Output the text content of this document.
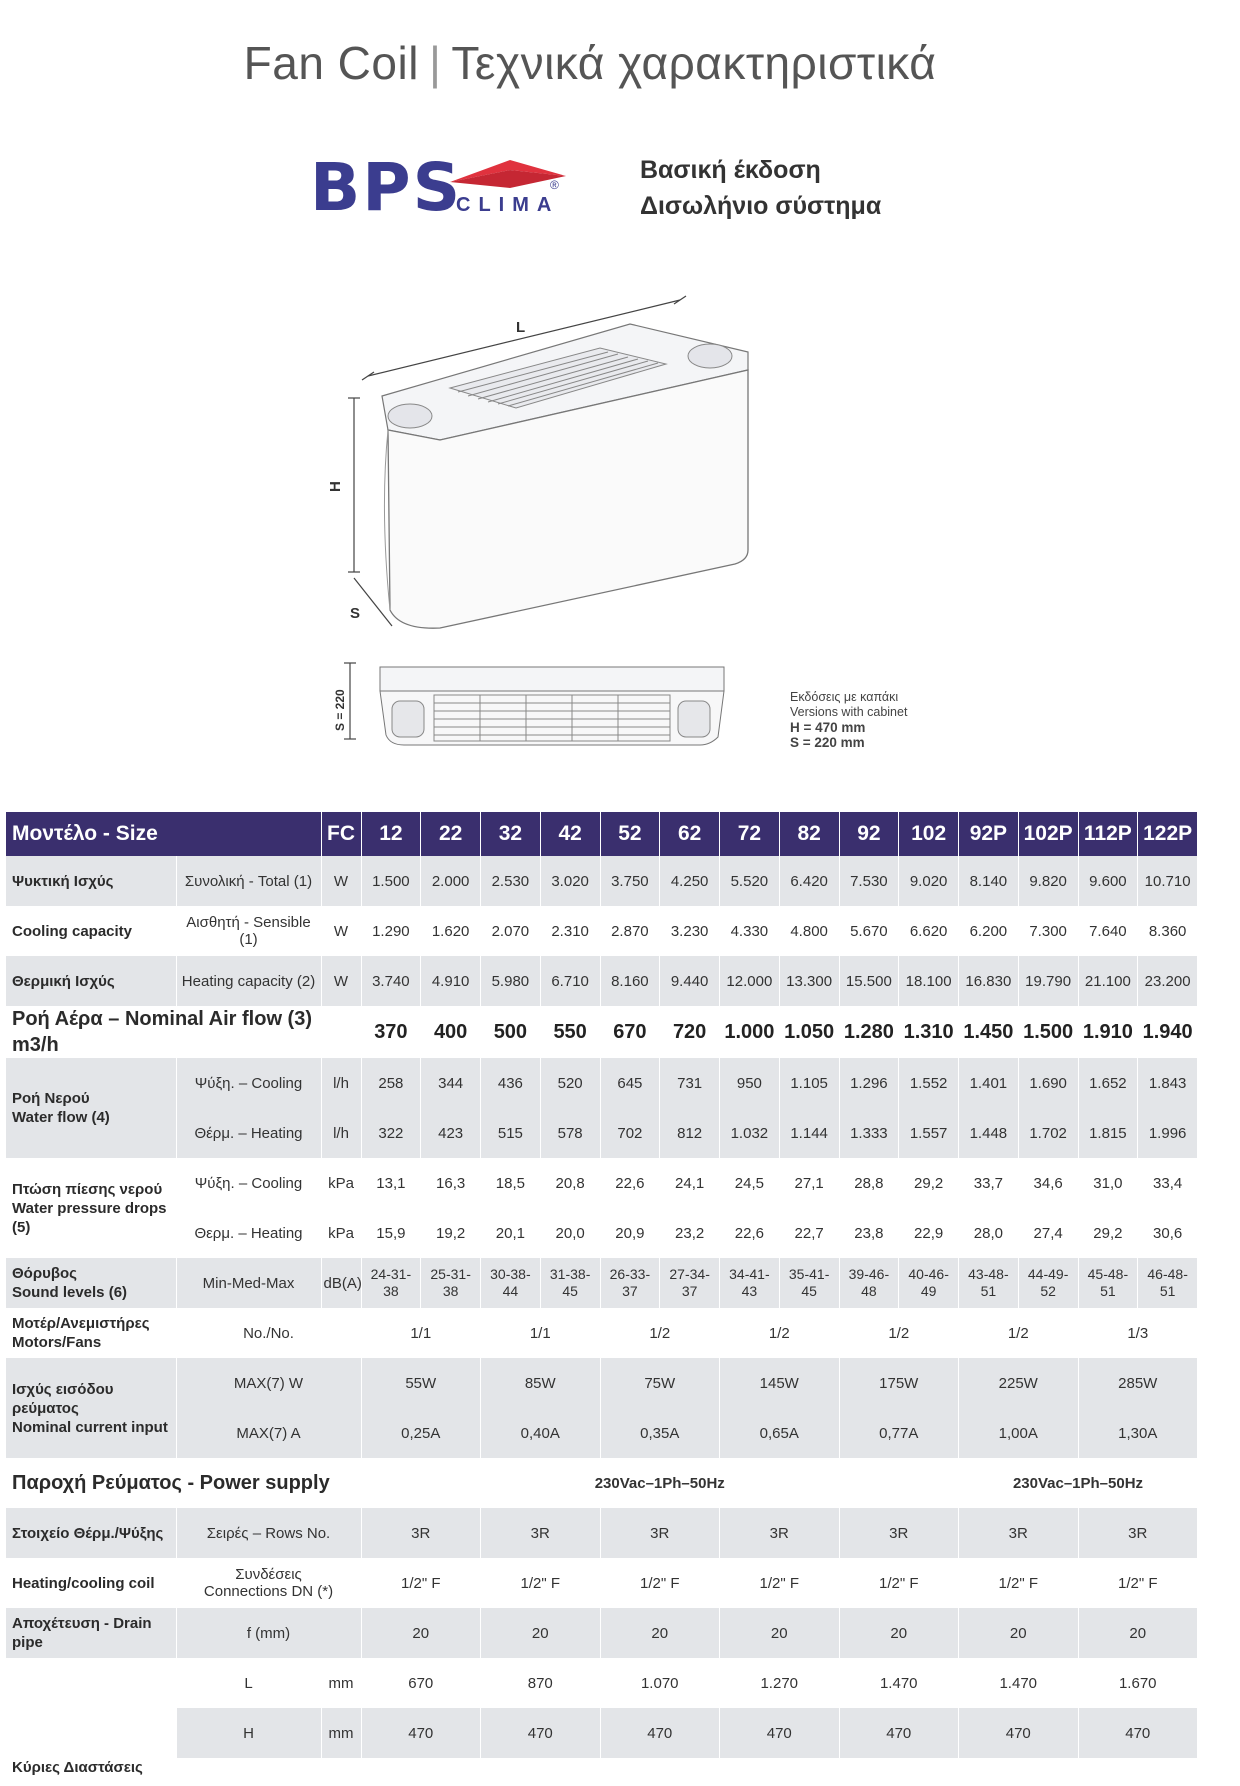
Fan Coil | Τεχνικά χαρακτηριστικά
BPS
CLIMA
®
Βασική έκδοση
Δισωλήνιο σύστημα
L
H
S
S = 220	Εκδόσεις με καπάκι
Versions with cabinet
H = 470 mm
S = 220 mm
Μοντέλο - Size		FC	12	22	32	42	52	62	72	82	92	102	92P	102P	112P	122P
Ψυκτική Ισχύς	Συνολική - Total (1)	W	1.500	2.000	2.530	3.020	3.750	4.250	5.520	6.420	7.530	9.020	8.140	9.820	9.600	10.710
Cooling capacity	Αισθητή - Sensible (1)	W	1.290	1.620	2.070	2.310	2.870	3.230	4.330	4.800	5.670	6.620	6.200	7.300	7.640	8.360
Θερμική Ισχύς	Heating capacity (2)	W	3.740	4.910	5.980	6.710	8.160	9.440	12.000	13.300	15.500	18.100	16.830	19.790	21.100	23.200
Ροή Αέρα – Nominal Air flow (3) m3/h			370	400	500	550	670	720	1.000	1.050	1.280	1.310	1.450	1.500	1.910	1.940
Ροή Νερού
Water flow (4)	Ψύξη. – Cooling	l/h	258	344	436	520	645	731	950	1.105	1.296	1.552	1.401	1.690	1.652	1.843
	Θέρμ. – Heating	l/h	322	423	515	578	702	812	1.032	1.144	1.333	1.557	1.448	1.702	1.815	1.996
Πτώση πίεσης νερού
Water pressure drops (5)	Ψύξη. – Cooling	kPa	13,1	16,3	18,5	20,8	22,6	24,1	24,5	27,1	28,8	29,2	33,7	34,6	31,0	33,4
	Θερμ. – Heating	kPa	15,9	19,2	20,1	20,0	20,9	23,2	22,6	22,7	23,8	22,9	28,0	27,4	29,2	30,6
Θόρυβος
Sound levels (6)	Min-Med-Max	dB(A)	24-31-38	25-31-38	30-38-44	31-38-45	26-33-37	27-34-37	34-41-43	35-41-45	39-46-48	40-46-49	43-48-51	44-49-52	45-48-51	46-48-51
Μοτέρ/Ανεμιστήρες
Motors/Fans	No./No.		1/1		1/1		1/2		1/2		1/2		1/2		1/3	
Ισχύς εισόδου ρεύματος
Nominal current input	MAX(7) W		55W		85W		75W		145W		175W		225W		285W	
	MAX(7) A		0,25A		0,40A		0,35A		0,65A		0,77A		1,00A		1,30A	
Παροχή Ρεύματος - Power supply			230Vac–1Ph–50Hz										230Vac–1Ph–50Hz			
Στοιχείο Θέρμ./Ψύξης	Σειρές – Rows No.		3R		3R		3R		3R		3R		3R		3R	
Heating/cooling coil	Συνδέσεις
Connections DN (*)		1/2" F		1/2" F		1/2" F		1/2" F		1/2" F		1/2" F		1/2" F	
Αποχέτευση - Drain pipe	f (mm)		20		20		20		20		20		20		20	
	L	mm	670		870		1.070		1.270		1.470		1.470		1.670	
	H	mm	470		470		470		470		470		470		470	
Κύριες Διαστάσεις																
